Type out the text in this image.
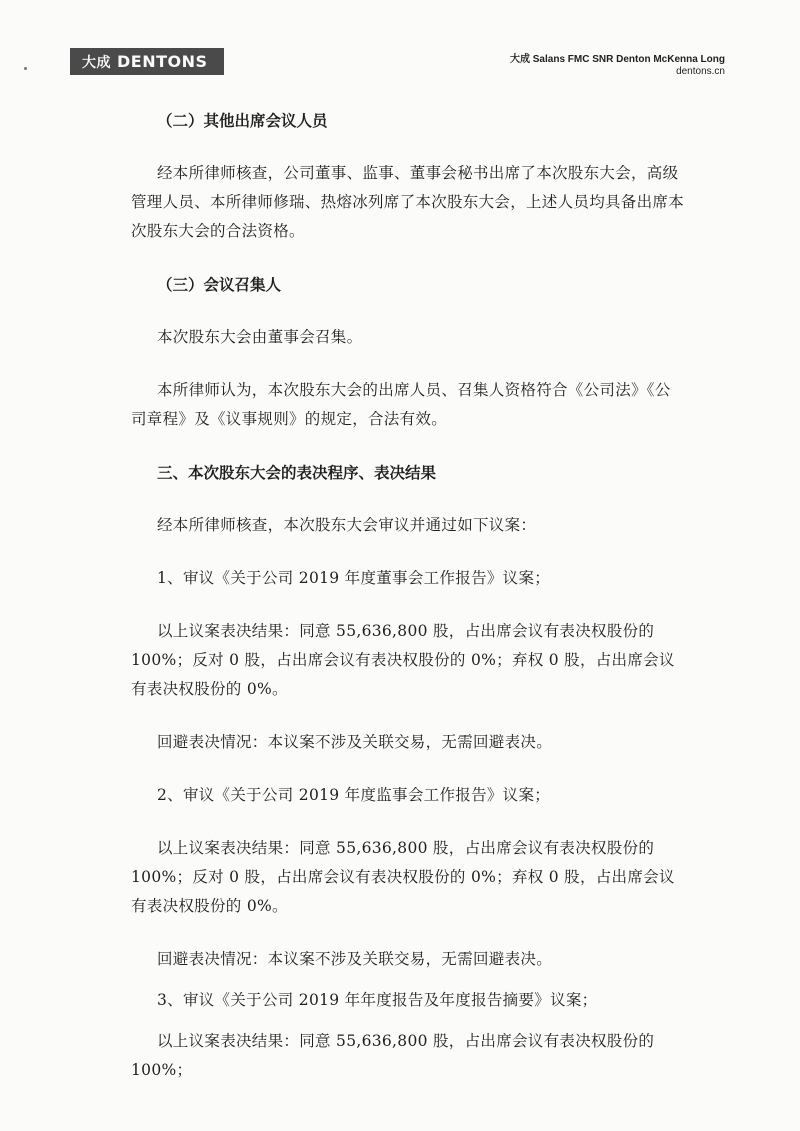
大成 DENTONS	大成 Salans FMC SNR Denton McKenna Long
dentons.cn
（二）其他出席会议人员
经本所律师核查，公司董事、监事、董事会秘书出席了本次股东大会，高级管理人员、本所律师修瑞、热熔冰列席了本次股东大会，上述人员均具备出席本次股东大会的合法资格。
（三）会议召集人
本次股东大会由董事会召集。
本所律师认为，本次股东大会的出席人员、召集人资格符合《公司法》《公司章程》及《议事规则》的规定，合法有效。
三、本次股东大会的表决程序、表决结果
经本所律师核查，本次股东大会审议并通过如下议案：
1、审议《关于公司 2019 年度董事会工作报告》议案；
以上议案表决结果：同意 55,636,800 股，占出席会议有表决权股份的 100%；反对 0 股，占出席会议有表决权股份的 0%；弃权 0 股，占出席会议有表决权股份的 0%。
回避表决情况：本议案不涉及关联交易，无需回避表决。
2、审议《关于公司 2019 年度监事会工作报告》议案；
以上议案表决结果：同意 55,636,800 股，占出席会议有表决权股份的 100%；反对 0 股，占出席会议有表决权股份的 0%；弃权 0 股，占出席会议有表决权股份的 0%。
回避表决情况：本议案不涉及关联交易，无需回避表决。
3、审议《关于公司 2019 年年度报告及年度报告摘要》议案；
以上议案表决结果：同意 55,636,800 股，占出席会议有表决权股份的 100%；
